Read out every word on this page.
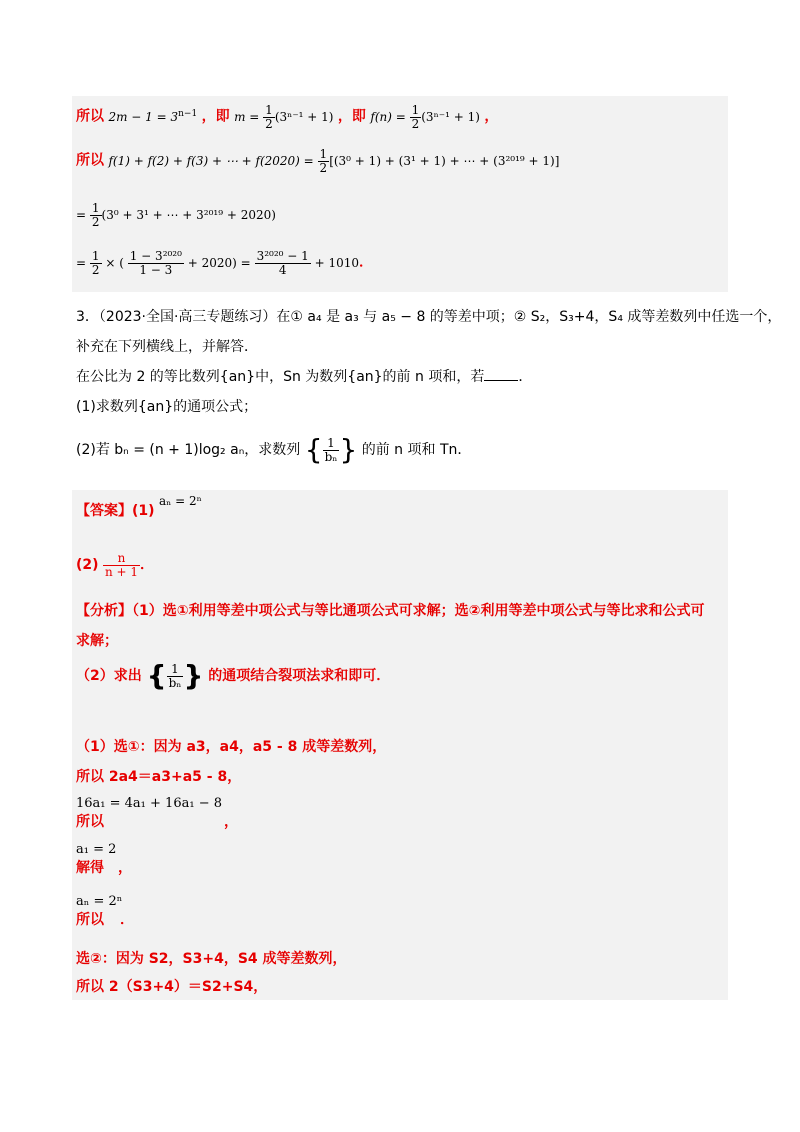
所以 $2m - 1 = 3^{n-1}$ ，即 $m = \frac{1}{2} (3^{n-1} + 1)$ ，即 $f(n) = \frac{1}{2} (3^{n-1} + 1)$ ，
所以 f(1) + f(2) + f(3) + ⋯ + $f(2020) = \frac{1}{2} [(3^0 + 1) + (3^1 + 1)$ + ⋯ + (3²⁰¹⁹ + 1)]
= $\frac{1}{2} (3^0 + 3^1$ + ⋯ + 3²⁰¹⁹ + 2020)
= $\frac{1}{2}$ × ( $\frac{\text{1 − 3²⁰²⁰}}{1 - 3} + 2020) = \frac{\text{3²⁰²⁰ − 1}}{4} + 1010$．
3．（2023·全国·高三专题练习）在① a₄ 是 a₃ 与 a₅ − 8 的等差中项；② S₂，S₃+4，S₄ 成等差数列中任选一个，
补充在下列横线上，并解答．
在公比为 2 的等比数列{an}中，Sn 为数列{an}的前 n 项和，若 ．
(1)求数列{an}的通项公式；
(2)若 bₙ = (n + 1)log₂ aₙ，求数列 { $\frac{1}{\text{bₙ}}$ } 的前 n 项和 Tn．
【答案】(1) aₙ = 2ⁿ
$(2) \frac{n}{n + 1}$ ．
【分析】（1）选①利用等差中项公式与等比通项公式可求解；选②利用等差中项公式与等比求和公式可
求解；
（2）求出 { $\frac{1}{\text{bₙ}}$ } 的通项结合裂项法求和即可．
（1）选①：因为 a3，a4，a5 - 8 成等差数列，
所以 2a4＝a3+a5 - 8，
16a₁ = 4a₁ + 16a₁ − 8
所以	，
a₁ = 2
解得 ，
aₙ = 2ⁿ
所以 ．
选②：因为 S2，S3+4，S4 成等差数列，
所以 2（S3+4）＝S2+S4，
